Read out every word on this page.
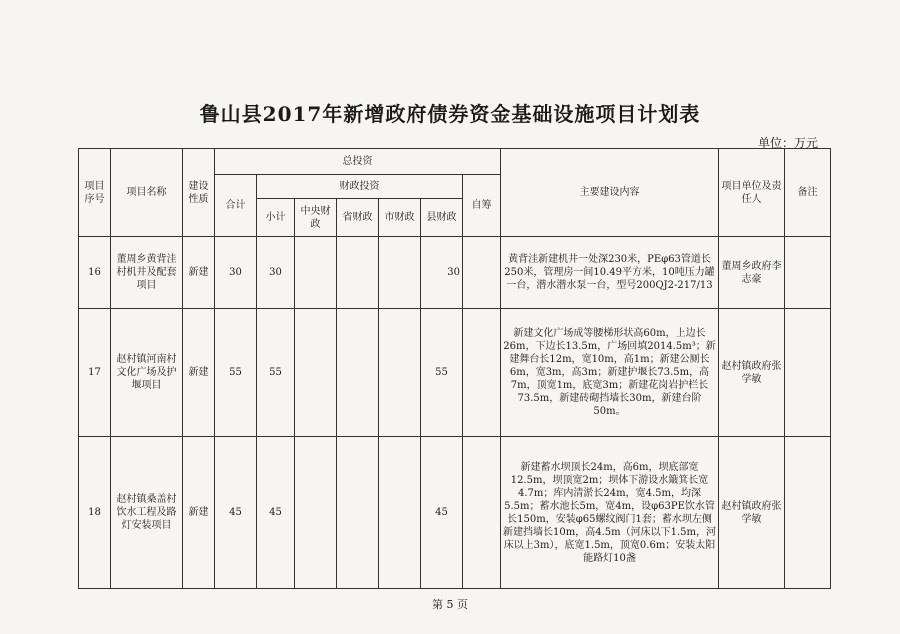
鲁山县2017年新增政府债券资金基础设施项目计划表
单位：万元
项目序号	项目名称	建设性质	总投资							主要建设内容	项目单位及责任人	备注
			合计	财政投资					自筹			
				小计	中央财政	省财政	市财政	县财政				
16	董周乡黄背洼村机井及配套项目	新建	30	30				30		黄背洼新建机井一处深230米，PEφ63管道长250米，管理房一间10.49平方米，10吨压力罐一台，潜水潜水泵一台，型号200QJ2-217/13	董周乡政府李志豪	
17	赵村镇河南村文化广场及护堰项目	新建	55	55				55		新建文化广场成等腰梯形状高60m，上边长26m，下边长13.5m，广场回填2014.5m³；新建舞台长12m，宽10m，高1m；新建公厕长6m，宽3m，高3m；新建护堰长73.5m，高7m，顶宽1m，底宽3m；新建花岗岩护栏长73.5m，新建砖砌挡墙长30m，新建台阶50m。	赵村镇政府张学敏	
18	赵村镇桑盖村饮水工程及路灯安装项目	新建	45	45				45		新建蓄水坝顶长24m，高6m，坝底部宽12.5m，坝顶宽2m；坝体下游设水簸箕长宽4.7m；库内清淤长24m，宽4.5m，均深5.5m；蓄水池长5m，宽4m，设φ63PE饮水管长150m，安装φ65螺纹阀门1套；蓄水坝左侧新建挡墙长10m，高4.5m（河床以下1.5m，河床以上3m），底宽1.5m，顶宽0.6m；安装太阳能路灯10盏	赵村镇政府张学敏	
第 5 页
